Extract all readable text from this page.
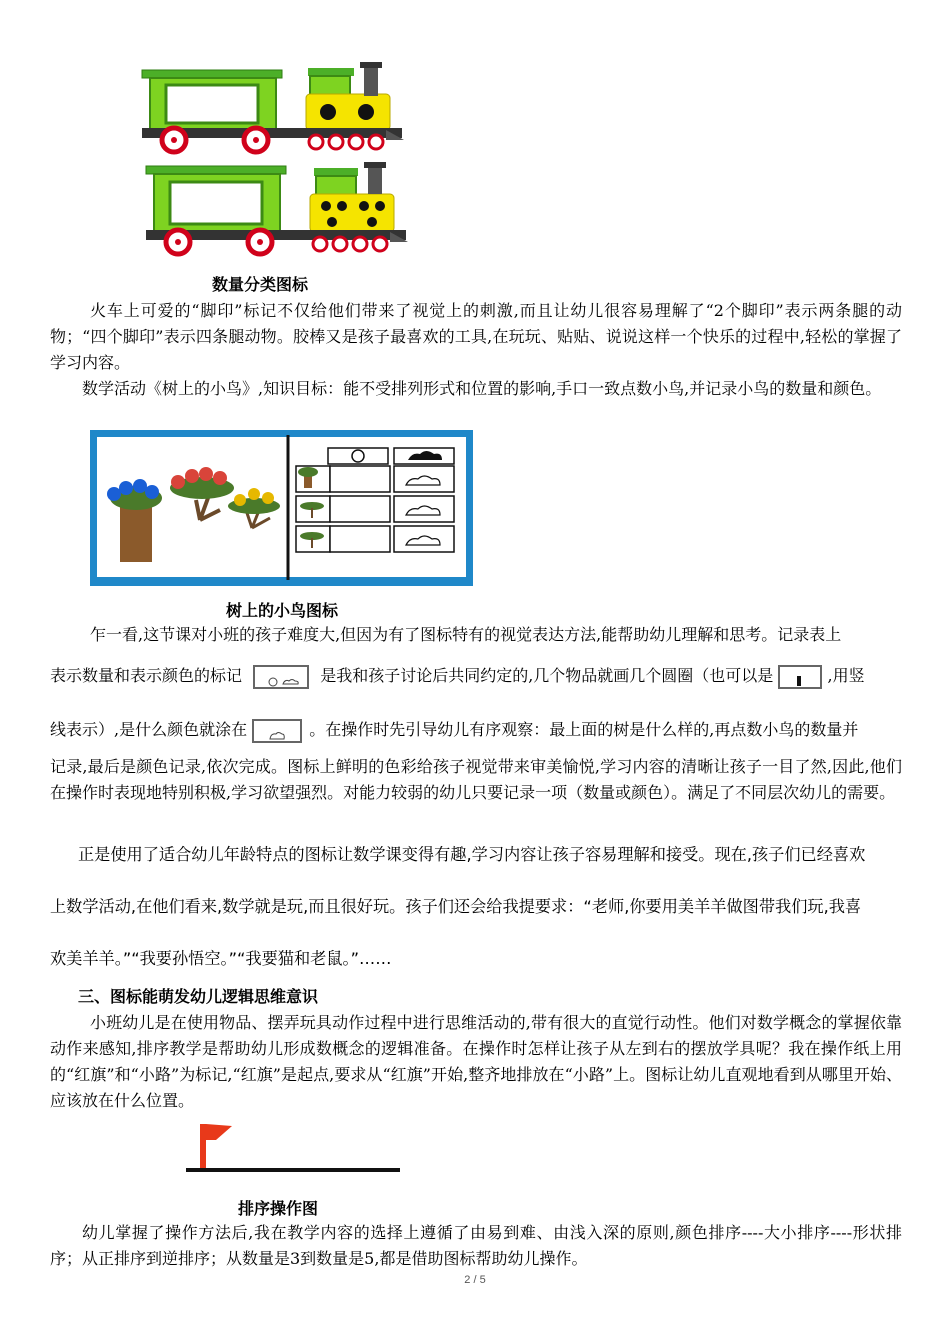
数量分类图标

火车上可爱的“脚印”标记不仅给他们带来了视觉上的刺激,而且让幼儿很容易理解了“2个脚印”表示两条腿的动物；“四个脚印”表示四条腿动物。胶棒又是孩子最喜欢的工具,在玩玩、贴贴、说说这样一个快乐的过程中,轻松的掌握了学习内容。

数学活动《树上的小鸟》,知识目标：能不受排列形式和位置的影响,手口一致点数小鸟,并记录小鸟的数量和颜色。

树上的小鸟图标

乍一看,这节课对小班的孩子难度大,但因为有了图标特有的视觉表达方法,能帮助幼儿理解和思考。记录表上

表示数量和表示颜色的标记	是我和孩子讨论后共同约定的,几个物品就画几个圆圈（也可以是	,用竖
线表示）,是什么颜色就涂在	。在操作时先引导幼儿有序观察：最上面的树是什么样的,再点数小鸟的数量并

记录,最后是颜色记录,依次完成。图标上鲜明的色彩给孩子视觉带来审美愉悦,学习内容的清晰让孩子一目了然,因此,他们在操作时表现地特别积极,学习欲望强烈。对能力较弱的幼儿只要记录一项（数量或颜色）。满足了不同层次幼儿的需要。

正是使用了适合幼儿年龄特点的图标让数学课变得有趣,学习内容让孩子容易理解和接受。现在,孩子们已经喜欢

上数学活动,在他们看来,数学就是玩,而且很好玩。孩子们还会给我提要求：“老师,你要用美羊羊做图带我们玩,我喜

欢美羊羊。”“我要孙悟空。”“我要猫和老鼠。”……

三、图标能萌发幼儿逻辑思维意识

小班幼儿是在使用物品、摆弄玩具动作过程中进行思维活动的,带有很大的直觉行动性。他们对数学概念的掌握依靠动作来感知,排序教学是帮助幼儿形成数概念的逻辑准备。在操作时怎样让孩子从左到右的摆放学具呢？我在操作纸上用的“红旗”和“小路”为标记,“红旗”是起点,要求从“红旗”开始,整齐地排放在“小路”上。图标让幼儿直观地看到从哪里开始、应该放在什么位置。

排序操作图

幼儿掌握了操作方法后,我在教学内容的选择上遵循了由易到难、由浅入深的原则,颜色排序----大小排序----形状排序；从正排序到逆排序；从数量是3到数量是5,都是借助图标帮助幼儿操作。

2 / 5
